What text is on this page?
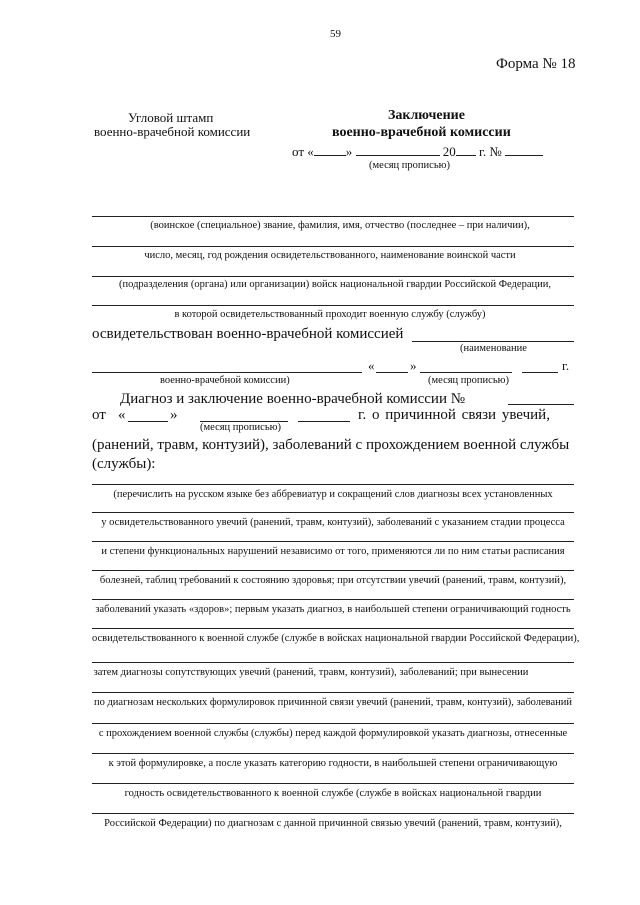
59
Форма № 18
Угловой штамп
военно-врачебной комиссии
Заключение
военно-врачебной комиссии
от « »	20 г. №
(месяц прописью)
(воинское (специальное) звание, фамилия, имя, отчество (последнее – при наличии),
число, месяц, год рождения освидетельствованного, наименование воинской части
(подразделения (органа) или организации) войск национальной гвардии Российской Федерации,
в которой освидетельствованный проходит военную службу (службу)
освидетельствован военно-врачебной комиссией
(наименование
«	»	г.
военно-врачебной комиссии)	(месяц прописью)
Диагноз и заключение военно-врачебной комиссии №
от «	»	г. о причинной связи увечий,
(месяц прописью)
(ранений, травм, контузий), заболеваний с прохождением военной службы
(службы):
(перечислить на русском языке без аббревиатур и сокращений слов диагнозы всех установленных
у освидетельствованного увечий (ранений, травм, контузий), заболеваний с указанием стадии процесса
и степени функциональных нарушений независимо от того, применяются ли по ним статьи расписания
болезней, таблиц требований к состоянию здоровья; при отсутствии увечий (ранений, травм, контузий),
заболеваний указать «здоров»; первым указать диагноз, в наибольшей степени ограничивающий годность
освидетельствованного к военной службе (службе в войсках национальной гвардии Российской Федерации),
затем диагнозы сопутствующих увечий (ранений, травм, контузий), заболеваний; при вынесении
по диагнозам нескольких формулировок причинной связи увечий (ранений, травм, контузий), заболеваний
с прохождением военной службы (службы) перед каждой формулировкой указать диагнозы, отнесенные
к этой формулировке, а после указать категорию годности, в наибольшей степени ограничивающую
годность освидетельствованного к военной службе (службе в войсках национальной гвардии
Российской Федерации) по диагнозам с данной причинной связью увечий (ранений, травм, контузий),
